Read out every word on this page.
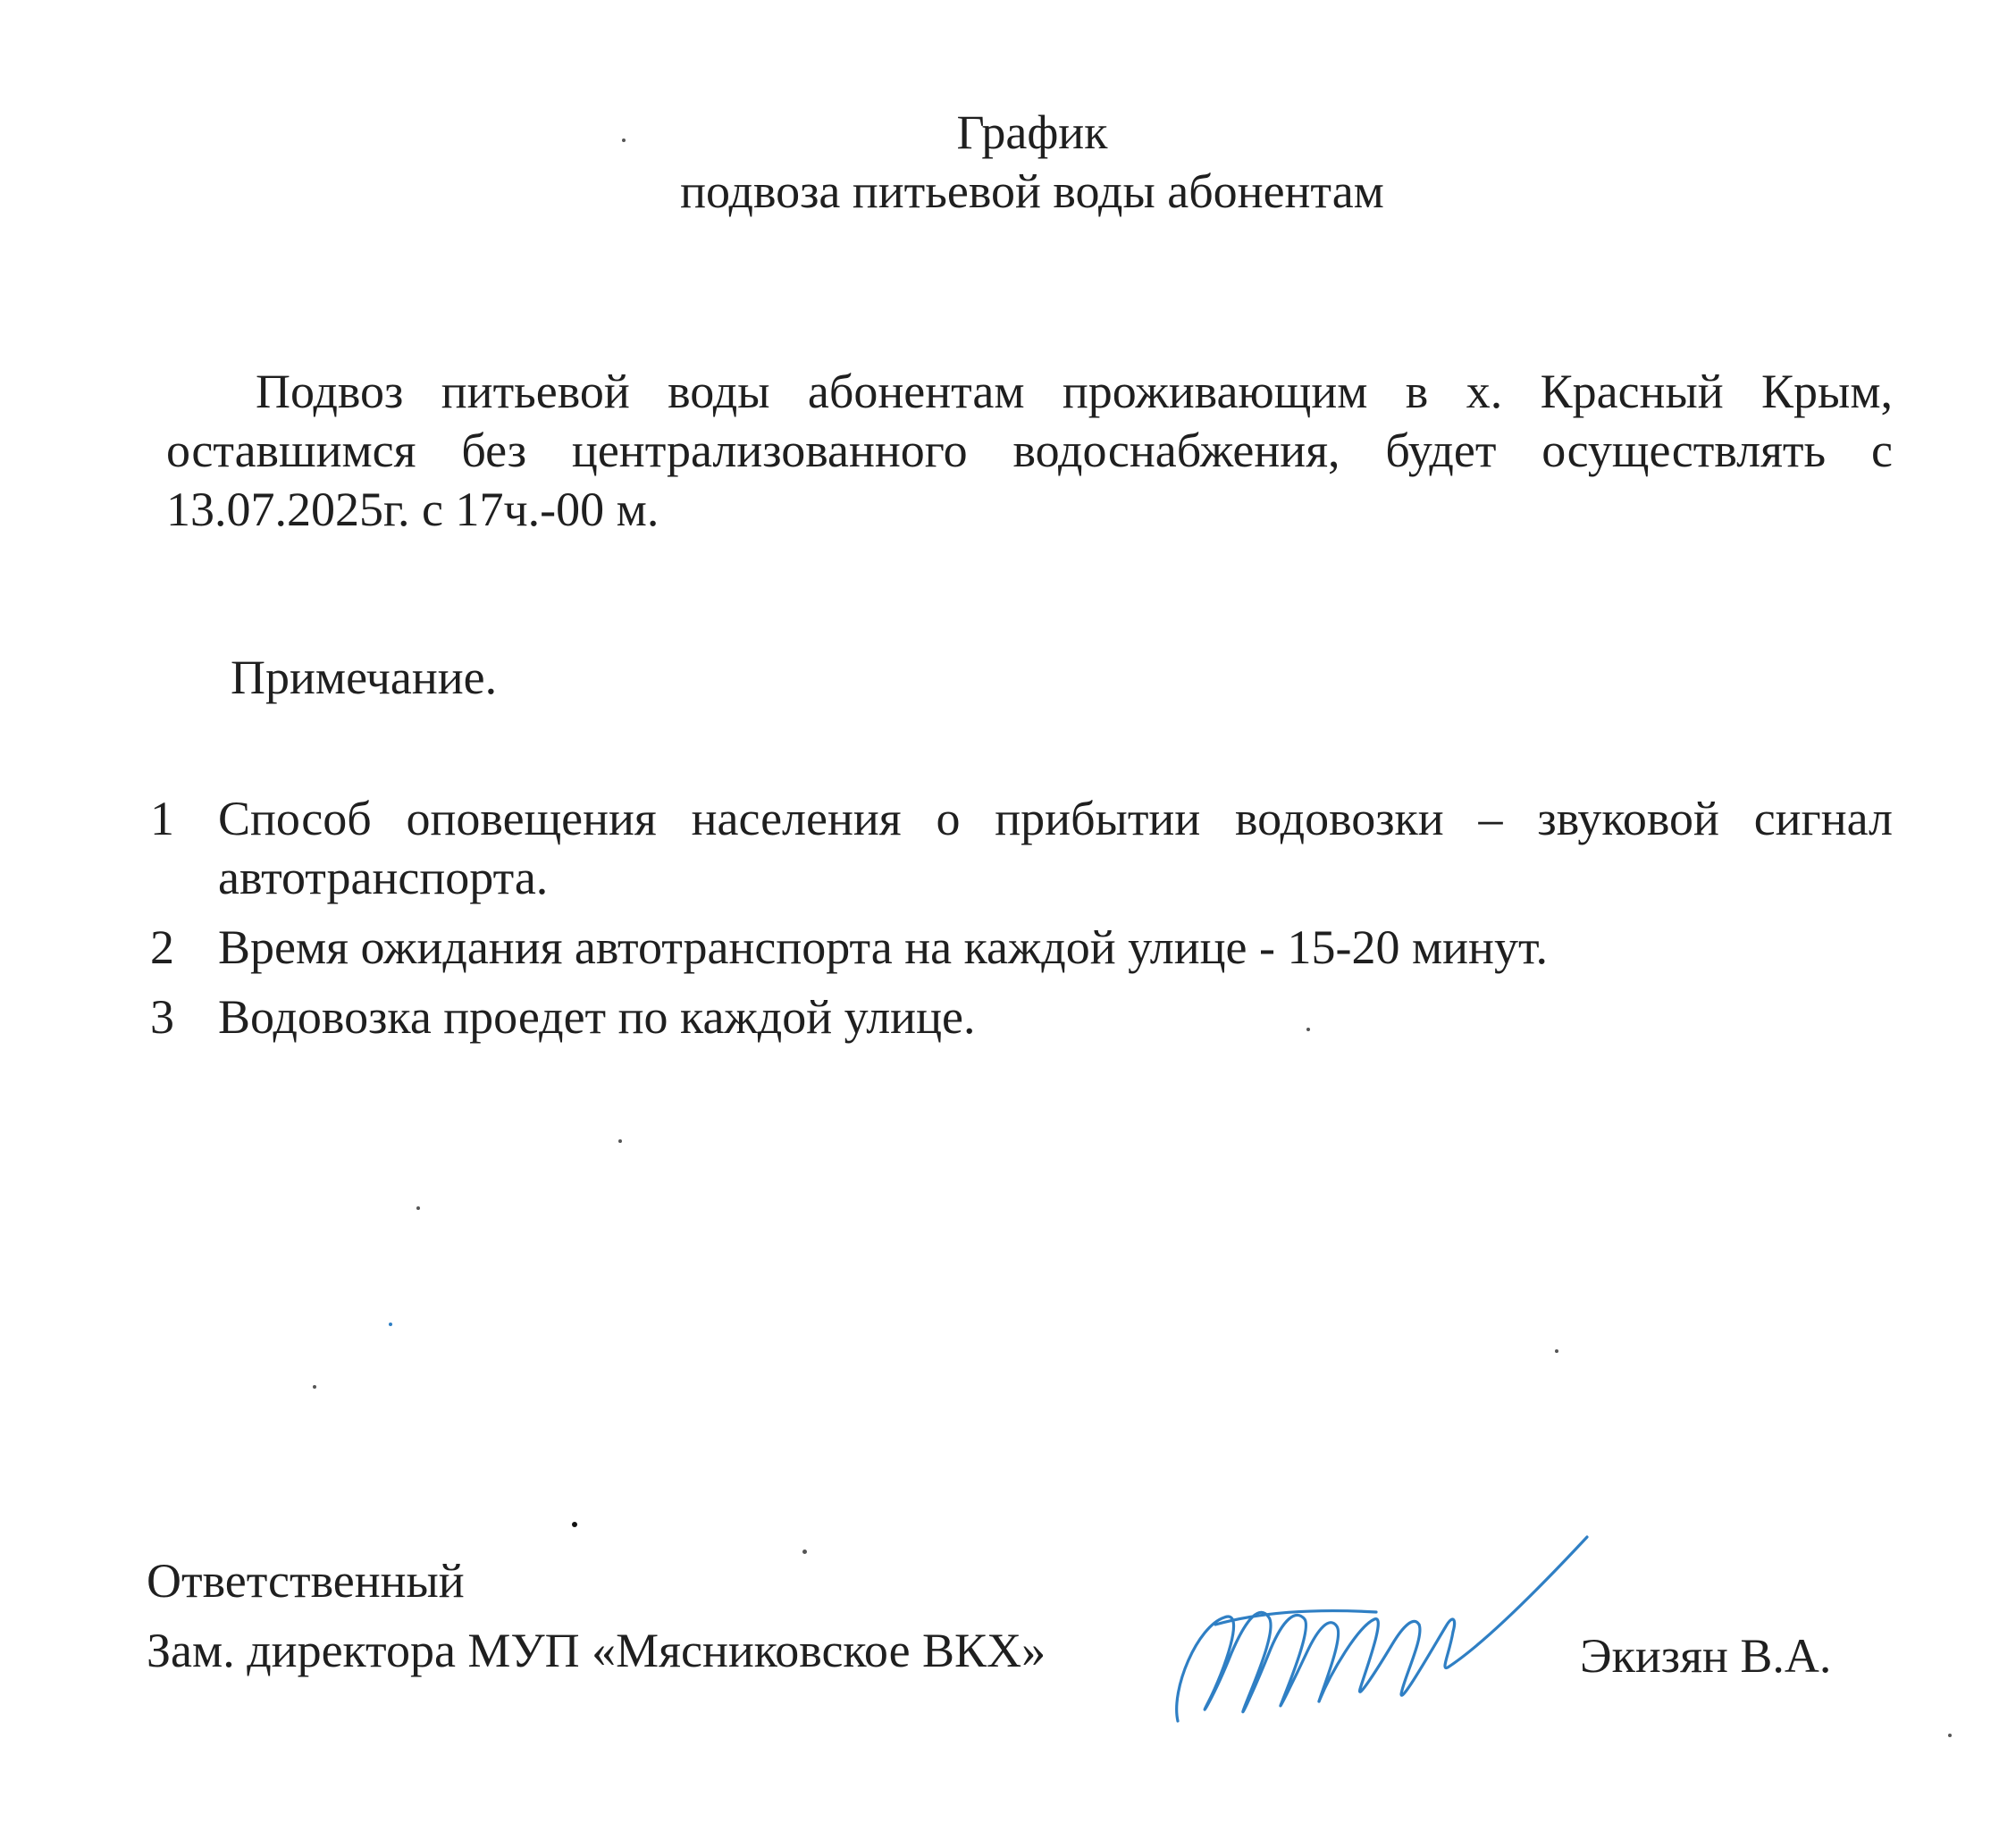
График
подвоза питьевой воды абонентам
Подвоз питьевой воды абонентам проживающим в х. Красный Крым, оставшимся без централизованного водоснабжения, будет осуществлять с 13.07.2025г. с 17ч.-00 м.
Примечание.
1 Способ оповещения населения о прибытии водовозки – звуковой сигнал автотранспорта.
2 Время ожидания автотранспорта на каждой улице - 15-20 минут.
3 Водовозка проедет по каждой улице.
Ответственный
Зам. директора МУП «Мясниковское ВКХ»	Экизян В.А.
